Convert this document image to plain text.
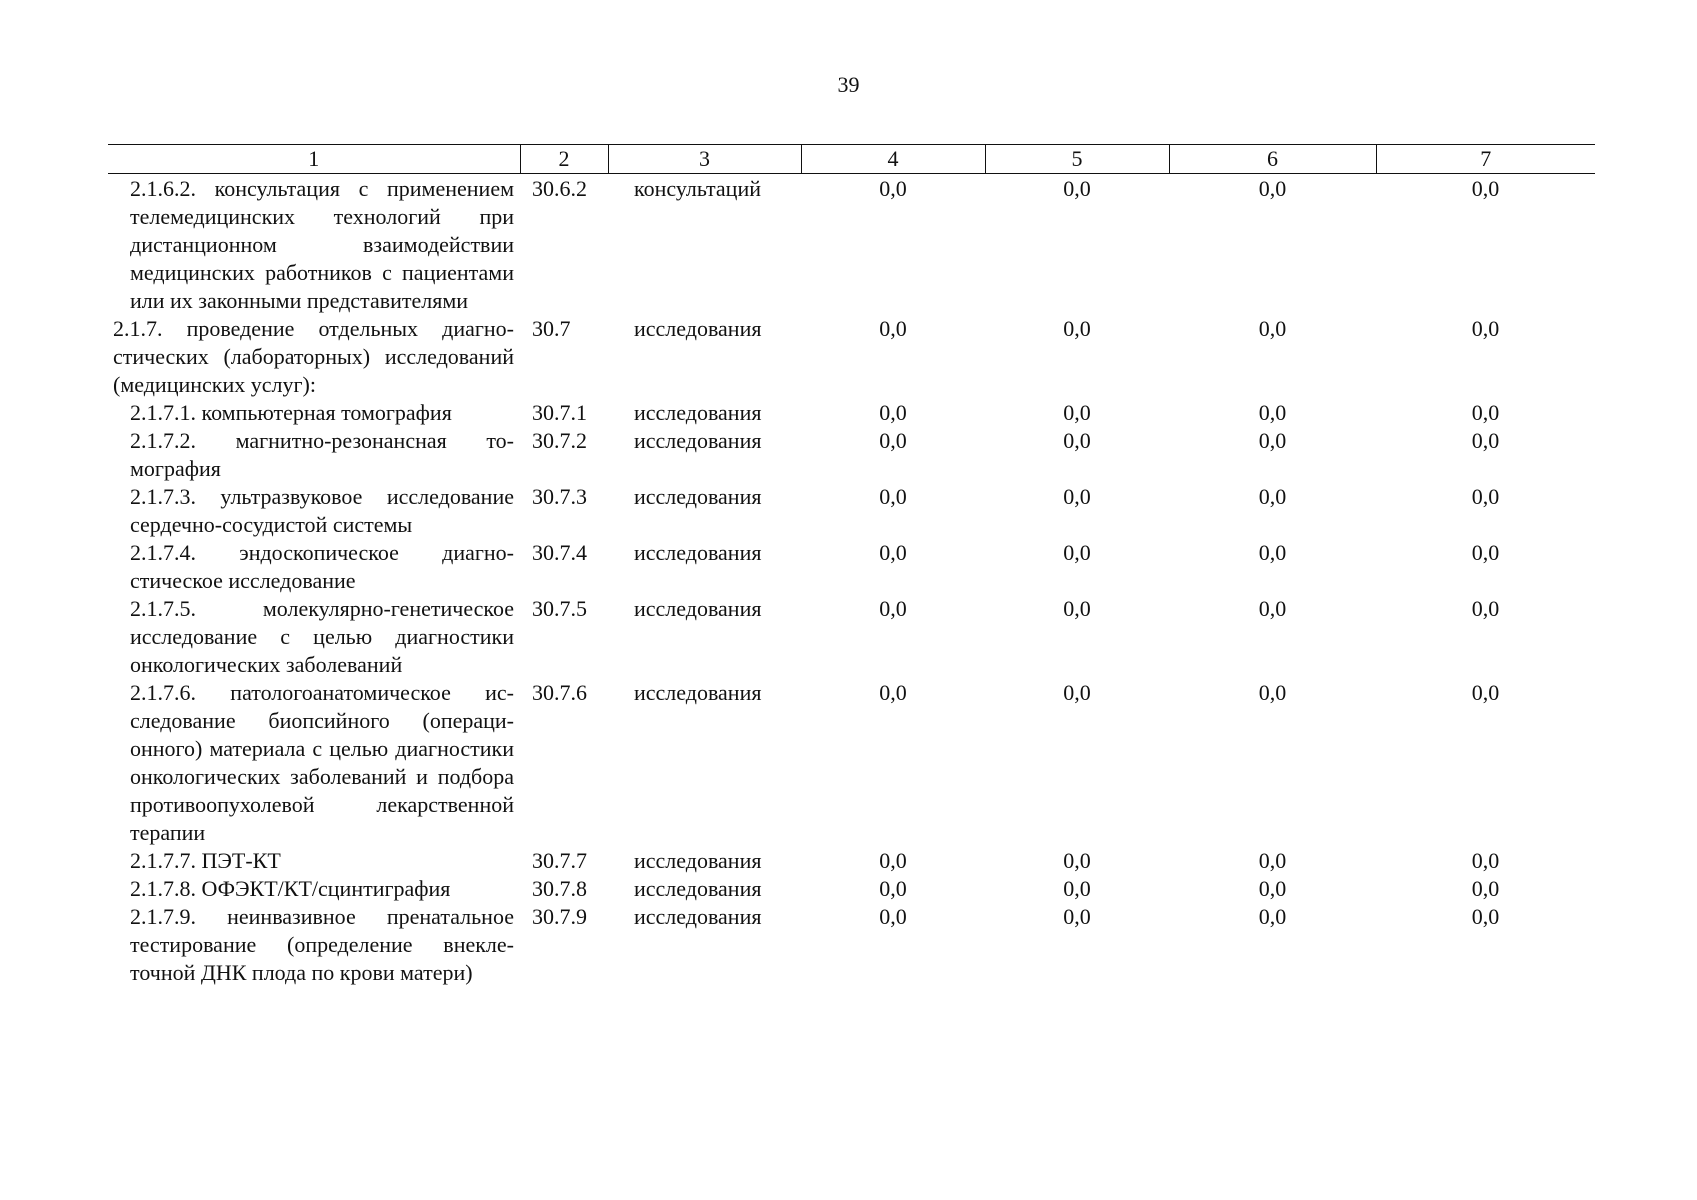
39
1	2	3	4	5	6	7
2.1.6.2. консультация с применением телемедицинских технологий при дистанционном взаимодействии медицинских работников с пациентами или их законными представителями	30.6.2	консультаций	0,0	0,0	0,0	0,0
2.1.7. проведение отдельных диагностических (лабораторных) исследований (медицинских услуг):	30.7	исследования	0,0	0,0	0,0	0,0
2.1.7.1. компьютерная томография	30.7.1	исследования	0,0	0,0	0,0	0,0
2.1.7.2. магнитно-резонансная томография	30.7.2	исследования	0,0	0,0	0,0	0,0
2.1.7.3. ультразвуковое исследование сердечно-сосудистой системы	30.7.3	исследования	0,0	0,0	0,0	0,0
2.1.7.4. эндоскопическое диагностическое исследование	30.7.4	исследования	0,0	0,0	0,0	0,0
2.1.7.5. молекулярно-генетическое исследование с целью диагностики онкологических заболеваний	30.7.5	исследования	0,0	0,0	0,0	0,0
2.1.7.6. патологоанатомическое исследование биопсийного (операционного) материала с целью диагностики онкологических заболеваний и подбора противоопухолевой лекарственной терапии	30.7.6	исследования	0,0	0,0	0,0	0,0
2.1.7.7. ПЭТ-КТ	30.7.7	исследования	0,0	0,0	0,0	0,0
2.1.7.8. ОФЭКТ/КТ/сцинтиграфия	30.7.8	исследования	0,0	0,0	0,0	0,0
2.1.7.9. неинвазивное пренатальное тестирование (определение внеклеточной ДНК плода по крови матери)	30.7.9	исследования	0,0	0,0	0,0	0,0
